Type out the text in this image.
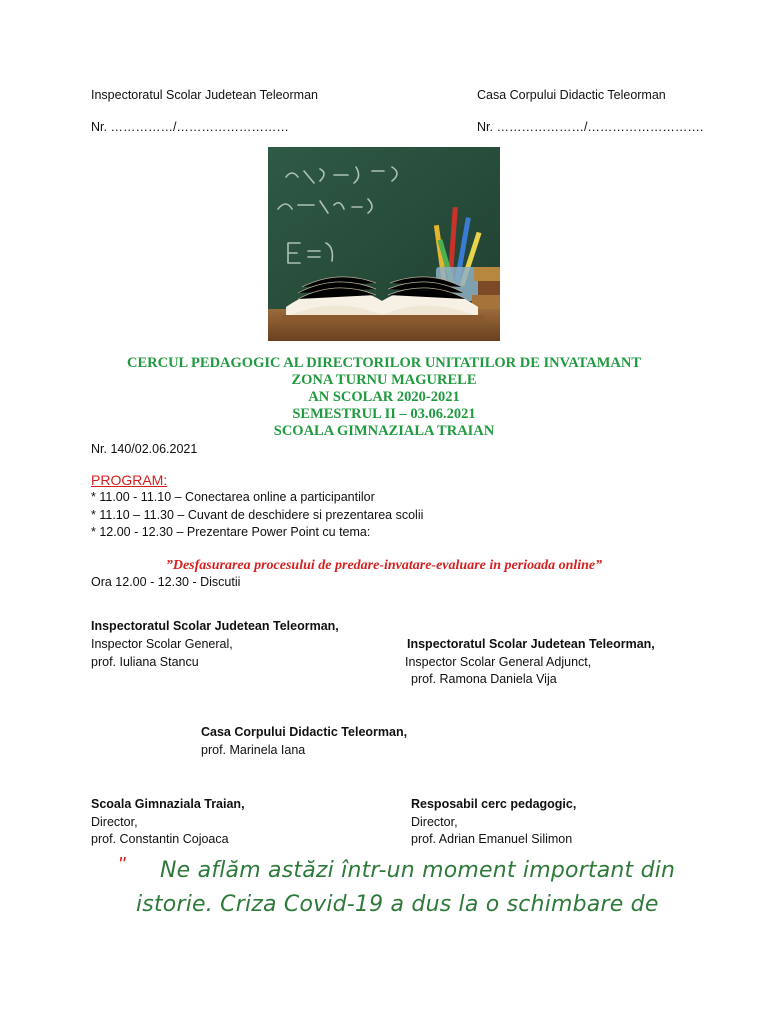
Inspectoratul Scolar Judetean Teleorman	Casa Corpului Didactic Teleorman
Nr. ……………/………………………	Nr. …………………/……………………….
CERCUL PEDAGOGIC AL DIRECTORILOR UNITATILOR DE INVATAMANT
ZONA TURNU MAGURELE
AN SCOLAR 2020-2021
SEMESTRUL II – 03.06.2021
SCOALA GIMNAZIALA TRAIAN
Nr. 140/02.06.2021
PROGRAM:
* 11.00 - 11.10 – Conectarea online a participantilor
* 11.10 – 11.30 – Cuvant de deschidere si prezentarea scolii
* 12.00 - 12.30 – Prezentare Power Point cu tema:
”Desfasurarea procesului de predare-invatare-evaluare in perioada online”
Ora 12.00 - 12.30 - Discutii
Inspectoratul Scolar Judetean Teleorman,
Inspector Scolar General,
prof. Iuliana Stancu
Inspectoratul Scolar Judetean Teleorman,
Inspector Scolar General Adjunct,
prof. Ramona Daniela Vija
Casa Corpului Didactic Teleorman,
prof. Marinela Iana
Scoala Gimnaziala Traian,
Director,
prof. Constantin Cojoaca
Resposabil cerc pedagogic,
Director,
prof. Adrian Emanuel Silimon
" Ne aflăm astăzi într-un moment important din
istorie. Criza Covid-19 a dus la o schimbare de
